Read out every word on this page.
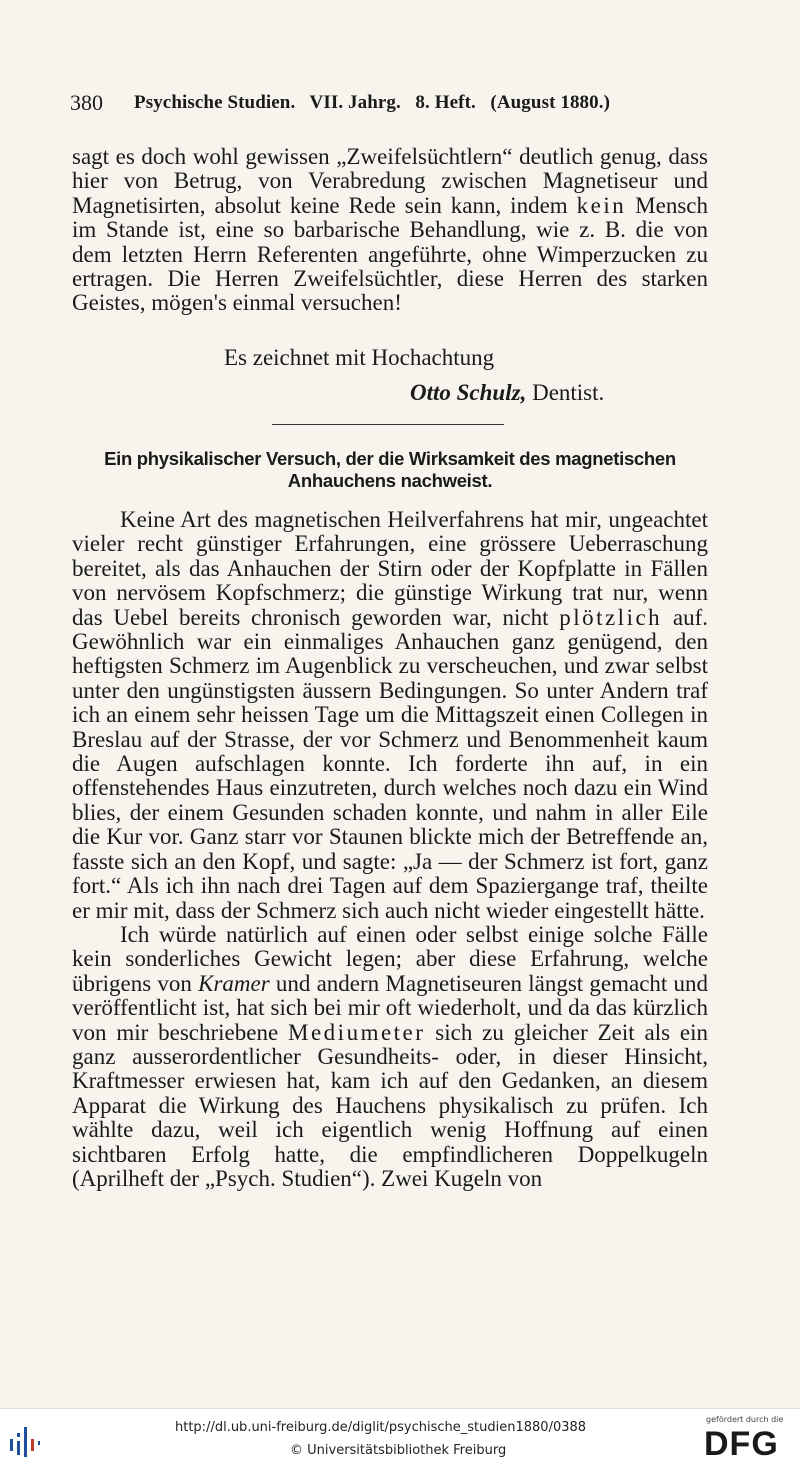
380 Psychische Studien.   VII. Jahrg.   8. Heft.   (August 1880.)

sagt es doch wohl gewissen „Zweifelsüchtlern“ deutlich genug, dass hier von Betrug, von Verabredung zwischen Magnetiseur und Magnetisirten, absolut keine Rede sein kann, indem kein Mensch im Stande ist, eine so barbarische Behandlung, wie z. B. die von dem letzten Herrn Referenten angeführte, ohne Wimperzucken zu ertragen. Die Herren Zweifelsüchtler, diese Herren des starken Geistes, mögen's einmal versuchen!

Es zeichnet mit Hochachtung
Otto Schulz, Dentist.
Ein physikalischer Versuch, der die Wirksamkeit des magnetischen Anhauchens nachweist.

Keine Art des magnetischen Heilverfahrens hat mir, ungeachtet vieler recht günstiger Erfahrungen, eine grössere Ueberraschung bereitet, als das Anhauchen der Stirn oder der Kopfplatte in Fällen von nervösem Kopfschmerz; die günstige Wirkung trat nur, wenn das Uebel bereits chronisch geworden war, nicht plötzlich auf. Gewöhnlich war ein einmaliges Anhauchen ganz genügend, den heftigsten Schmerz im Augenblick zu verscheuchen, und zwar selbst unter den ungünstigsten äussern Bedingungen. So unter Andern traf ich an einem sehr heissen Tage um die Mittagszeit einen Collegen in Breslau auf der Strasse, der vor Schmerz und Benommenheit kaum die Augen aufschlagen konnte. Ich forderte ihn auf, in ein offenstehendes Haus einzutreten, durch welches noch dazu ein Wind blies, der einem Gesunden schaden konnte, und nahm in aller Eile die Kur vor. Ganz starr vor Staunen blickte mich der Betreffende an, fasste sich an den Kopf, und sagte: „Ja — der Schmerz ist fort, ganz fort.“ Als ich ihn nach drei Tagen auf dem Spaziergange traf, theilte er mir mit, dass der Schmerz sich auch nicht wieder eingestellt hätte.

Ich würde natürlich auf einen oder selbst einige solche Fälle kein sonderliches Gewicht legen; aber diese Erfahrung, welche übrigens von Kramer und andern Magnetiseuren längst gemacht und veröffentlicht ist, hat sich bei mir oft wiederholt, und da das kürzlich von mir beschriebene Mediumeter sich zu gleicher Zeit als ein ganz ausserordentlicher Gesundheits- oder, in dieser Hinsicht, Kraftmesser erwiesen hat, kam ich auf den Gedanken, an diesem Apparat die Wirkung des Hauchens physikalisch zu prüfen. Ich wählte dazu, weil ich eigentlich wenig Hoffnung auf einen sichtbaren Erfolg hatte, die empfindlicheren Doppelkugeln (Aprilheft der „Psych. Studien“). Zwei Kugeln von

http://dl.ub.uni-freiburg.de/diglit/psychische_studien1880/0388
© Universitätsbibliothek Freiburg
gefördert durch die
DFG
